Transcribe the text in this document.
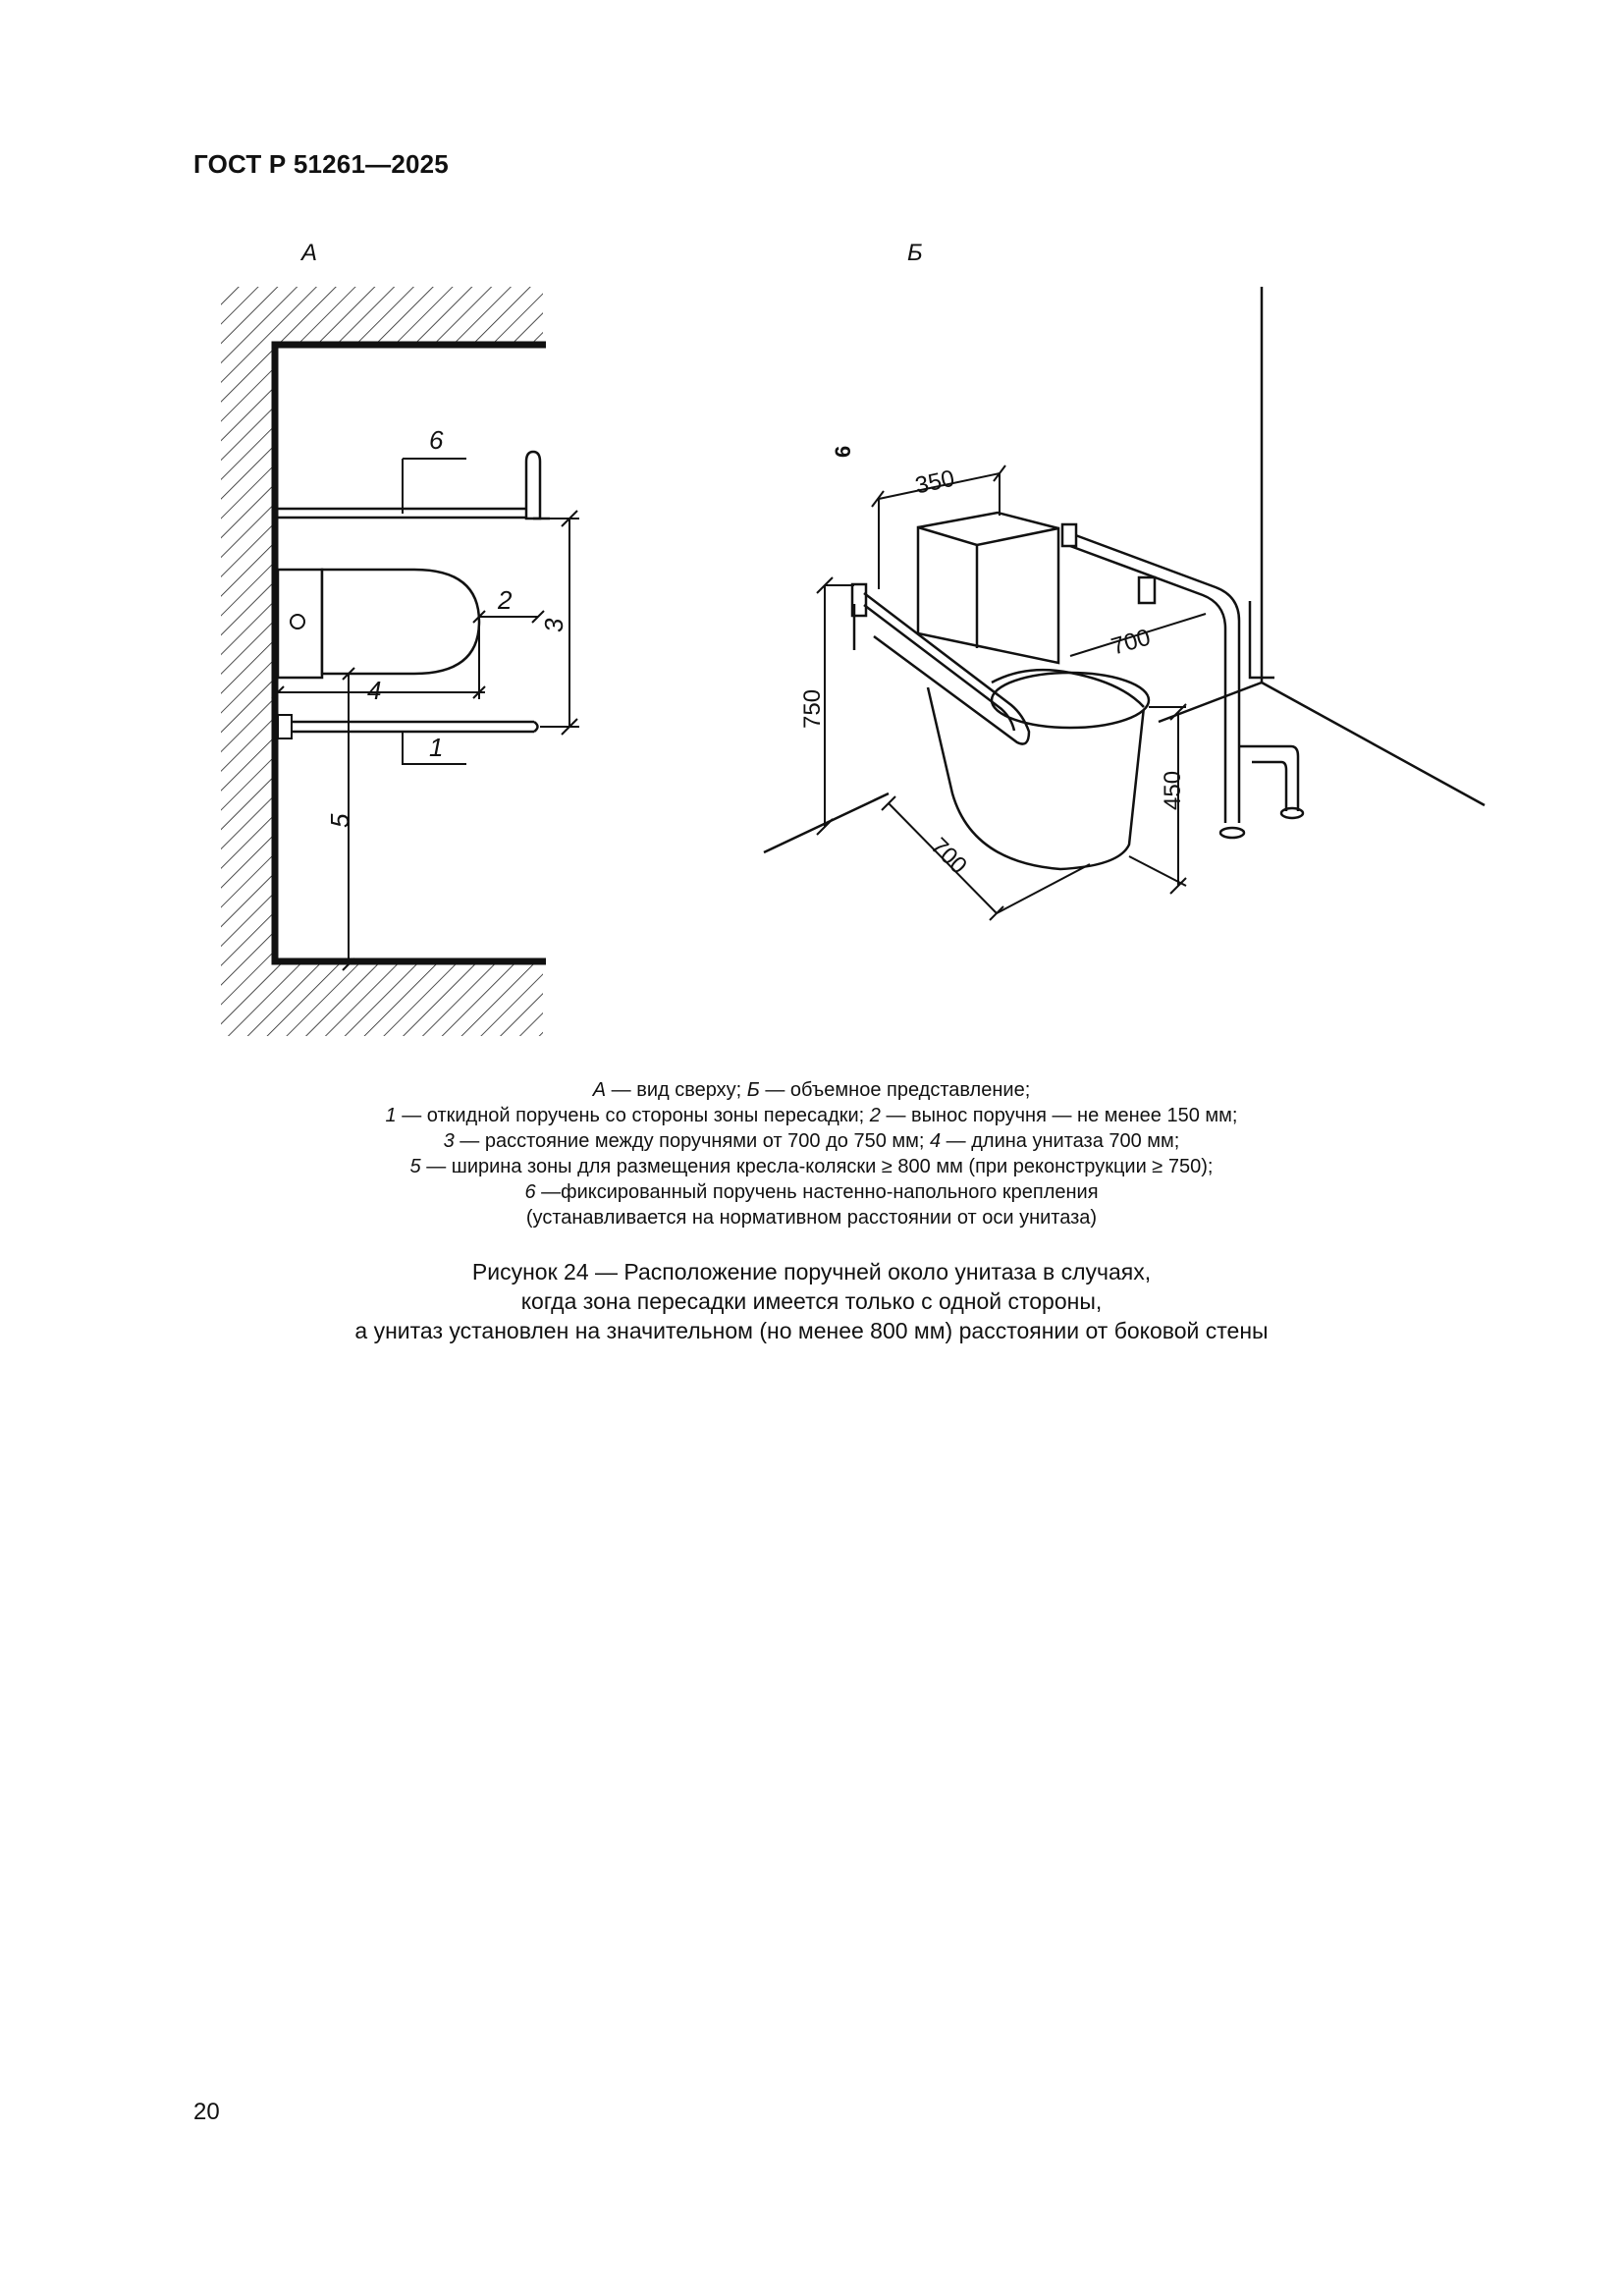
ГОСТ Р 51261—2025
А	Б
6
2
3
4
1
5
350
700
750
700
450
6
А — вид сверху; Б — объемное представление;
1 — откидной поручень со стороны зоны пересадки; 2 — вынос поручня — не менее 150 мм;
3 — расстояние между поручнями от 700 до 750 мм; 4 — длина унитаза 700 мм;
5 — ширина зоны для размещения кресла-коляски ≥ 800 мм (при реконструкции ≥ 750);
6 —фиксированный поручень настенно-напольного крепления
(устанавливается на нормативном расстоянии от оси унитаза)
Рисунок 24 — Расположение поручней около унитаза в случаях,
когда зона пересадки имеется только с одной стороны,
а унитаз установлен на значительном (но менее 800 мм) расстоянии от боковой стены
20
